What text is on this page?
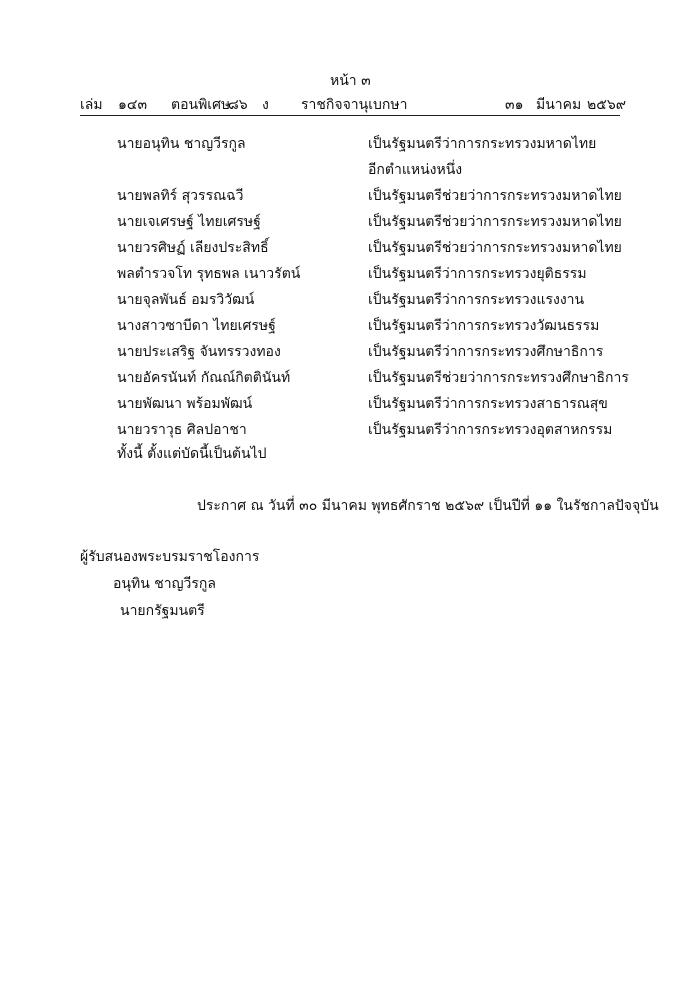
หน้า ๓
เล่ม ๑๔๓ ตอนพิเศษ
๘๖ ง ราชกิจจานุเบกษา	๓๑ มีนาคม ๒๕๖๙
นายอนุทิน ชาญวีรกูล	เป็นรัฐมนตรีว่าการกระทรวงมหาดไทย
อีกตำแหน่งหนึ่ง
นายพลทิร์ สุวรรณฉวี	เป็นรัฐมนตรีช่วยว่าการกระทรวงมหาดไทย
นายเจเศรษฐ์ ไทยเศรษฐ์	เป็นรัฐมนตรีช่วยว่าการกระทรวงมหาดไทย
นายวรศิษฏ์ เลียงประสิทธิ์	เป็นรัฐมนตรีช่วยว่าการกระทรวงมหาดไทย
พลตำรวจโท รุทธพล เนาวรัตน์	เป็นรัฐมนตรีว่าการกระทรวงยุติธรรม
นายจุลพันธ์ อมรวิวัฒน์	เป็นรัฐมนตรีว่าการกระทรวงแรงงาน
นางสาวซาบีดา ไทยเศรษฐ์	เป็นรัฐมนตรีว่าการกระทรวงวัฒนธรรม
นายประเสริฐ จันทรรวงทอง	เป็นรัฐมนตรีว่าการกระทรวงศึกษาธิการ
นายอัครนันท์ กัณณ์กิตตินันท์	เป็นรัฐมนตรีช่วยว่าการกระทรวงศึกษาธิการ
นายพัฒนา พร้อมพัฒน์	เป็นรัฐมนตรีว่าการกระทรวงสาธารณสุข
นายวราวุธ ศิลปอาชา	เป็นรัฐมนตรีว่าการกระทรวงอุตสาหกรรม
ทั้งนี้ ตั้งแต่บัดนี้เป็นต้นไป
ประกาศ ณ วันที่ ๓๐ มีนาคม พุทธศักราช ๒๕๖๙ เป็นปีที่ ๑๑ ในรัชกาลปัจจุบัน
ผู้รับสนองพระบรมราชโองการ
อนุทิน ชาญวีรกูล
นายกรัฐมนตรี
